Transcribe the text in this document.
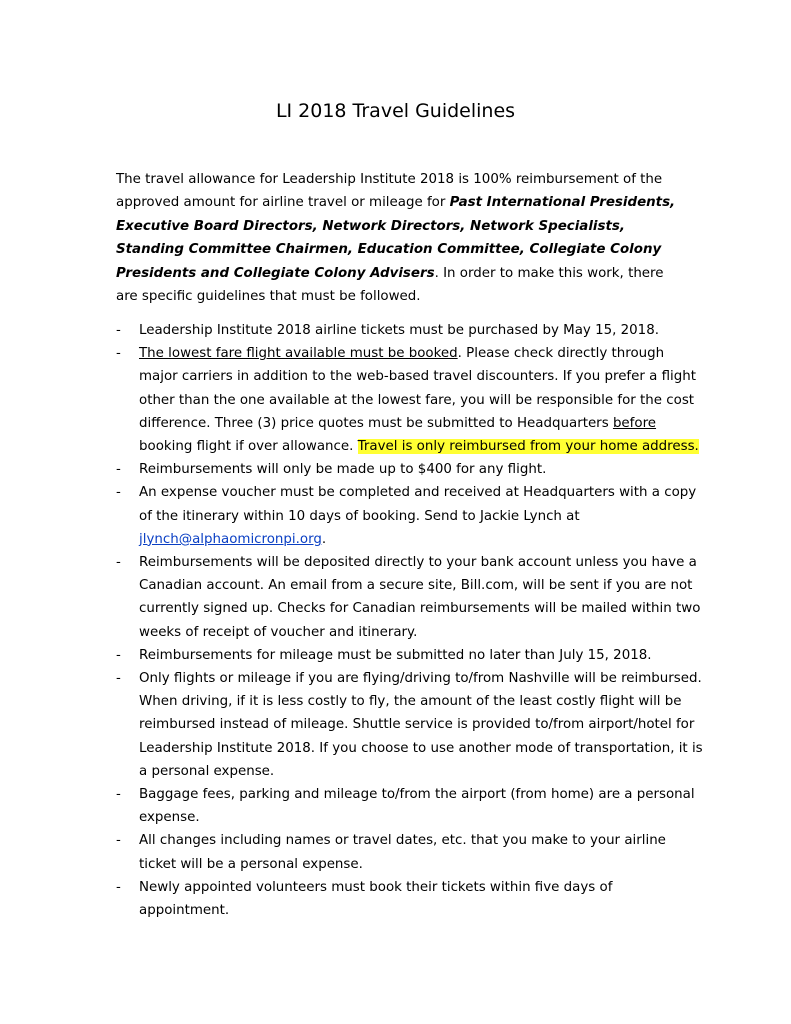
LI 2018 Travel Guidelines

The travel allowance for Leadership Institute 2018 is 100% reimbursement of the approved amount for airline travel or mileage for Past International Presidents, Executive Board Directors, Network Directors, Network Specialists, Standing Committee Chairmen, Education Committee, Collegiate Colony Presidents and Collegiate Colony Advisers. In order to make this work, there are specific guidelines that must be followed.

- Leadership Institute 2018 airline tickets must be purchased by May 15, 2018.
- The lowest fare flight available must be booked. Please check directly through major carriers in addition to the web-based travel discounters. If you prefer a flight other than the one available at the lowest fare, you will be responsible for the cost difference. Three (3) price quotes must be submitted to Headquarters before booking flight if over allowance. Travel is only reimbursed from your home address.
- Reimbursements will only be made up to $400 for any flight.
- An expense voucher must be completed and received at Headquarters with a copy of the itinerary within 10 days of booking. Send to Jackie Lynch at jlynch@alphaomicronpi.org.
- Reimbursements will be deposited directly to your bank account unless you have a Canadian account. An email from a secure site, Bill.com, will be sent if you are not currently signed up. Checks for Canadian reimbursements will be mailed within two weeks of receipt of voucher and itinerary.
- Reimbursements for mileage must be submitted no later than July 15, 2018.
- Only flights or mileage if you are flying/driving to/from Nashville will be reimbursed. When driving, if it is less costly to fly, the amount of the least costly flight will be reimbursed instead of mileage. Shuttle service is provided to/from airport/hotel for Leadership Institute 2018. If you choose to use another mode of transportation, it is a personal expense.
- Baggage fees, parking and mileage to/from the airport (from home) are a personal expense.
- All changes including names or travel dates, etc. that you make to your airline ticket will be a personal expense.
- Newly appointed volunteers must book their tickets within five days of appointment.
